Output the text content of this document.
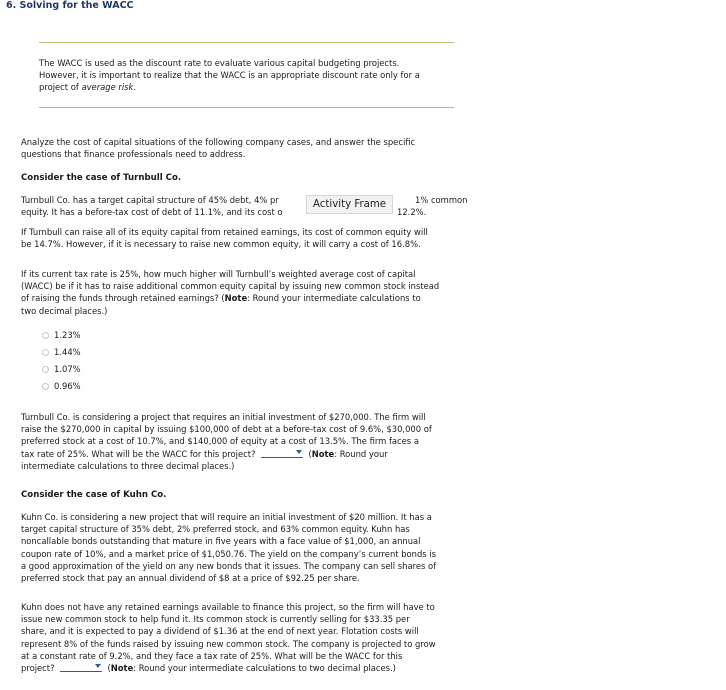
6. Solving for the WACC
The WACC is used as the discount rate to evaluate various capital budgeting projects.
However, it is important to realize that the WACC is an appropriate discount rate only for a
project of average risk.
Analyze the cost of capital situations of the following company cases, and answer the specific
questions that finance professionals need to address.
Consider the case of Turnbull Co.
Turnbull Co. has a target capital structure of 45% debt, 4% pr	1% common
equity. It has a before-tax cost of debt of 11.1%, and its cost o	12.2%.
Activity Frame
If Turnbull can raise all of its equity capital from retained earnings, its cost of common equity will
be 14.7%. However, if it is necessary to raise new common equity, it will carry a cost of 16.8%.
If its current tax rate is 25%, how much higher will Turnbull’s weighted average cost of capital
(WACC) be if it has to raise additional common equity capital by issuing new common stock instead
of raising the funds through retained earnings? (Note: Round your intermediate calculations to
two decimal places.)
1.23%
1.44%
1.07%
0.96%
Turnbull Co. is considering a project that requires an initial investment of $270,000. The firm will
raise the $270,000 in capital by issuing $100,000 of debt at a before-tax cost of 9.6%, $30,000 of
preferred stock at a cost of 10.7%, and $140,000 of equity at a cost of 13.5%. The firm faces a
tax rate of 25%. What will be the WACC for this project?	(Note: Round your
intermediate calculations to three decimal places.)
Consider the case of Kuhn Co.
Kuhn Co. is considering a new project that will require an initial investment of $20 million. It has a
target capital structure of 35% debt, 2% preferred stock, and 63% common equity. Kuhn has
noncallable bonds outstanding that mature in five years with a face value of $1,000, an annual
coupon rate of 10%, and a market price of $1,050.76. The yield on the company’s current bonds is
a good approximation of the yield on any new bonds that it issues. The company can sell shares of
preferred stock that pay an annual dividend of $8 at a price of $92.25 per share.
Kuhn does not have any retained earnings available to finance this project, so the firm will have to
issue new common stock to help fund it. Its common stock is currently selling for $33.35 per
share, and it is expected to pay a dividend of $1.36 at the end of next year. Flotation costs will
represent 8% of the funds raised by issuing new common stock. The company is projected to grow
at a constant rate of 9.2%, and they face a tax rate of 25%. What will be the WACC for this
project?	(Note: Round your intermediate calculations to two decimal places.)
